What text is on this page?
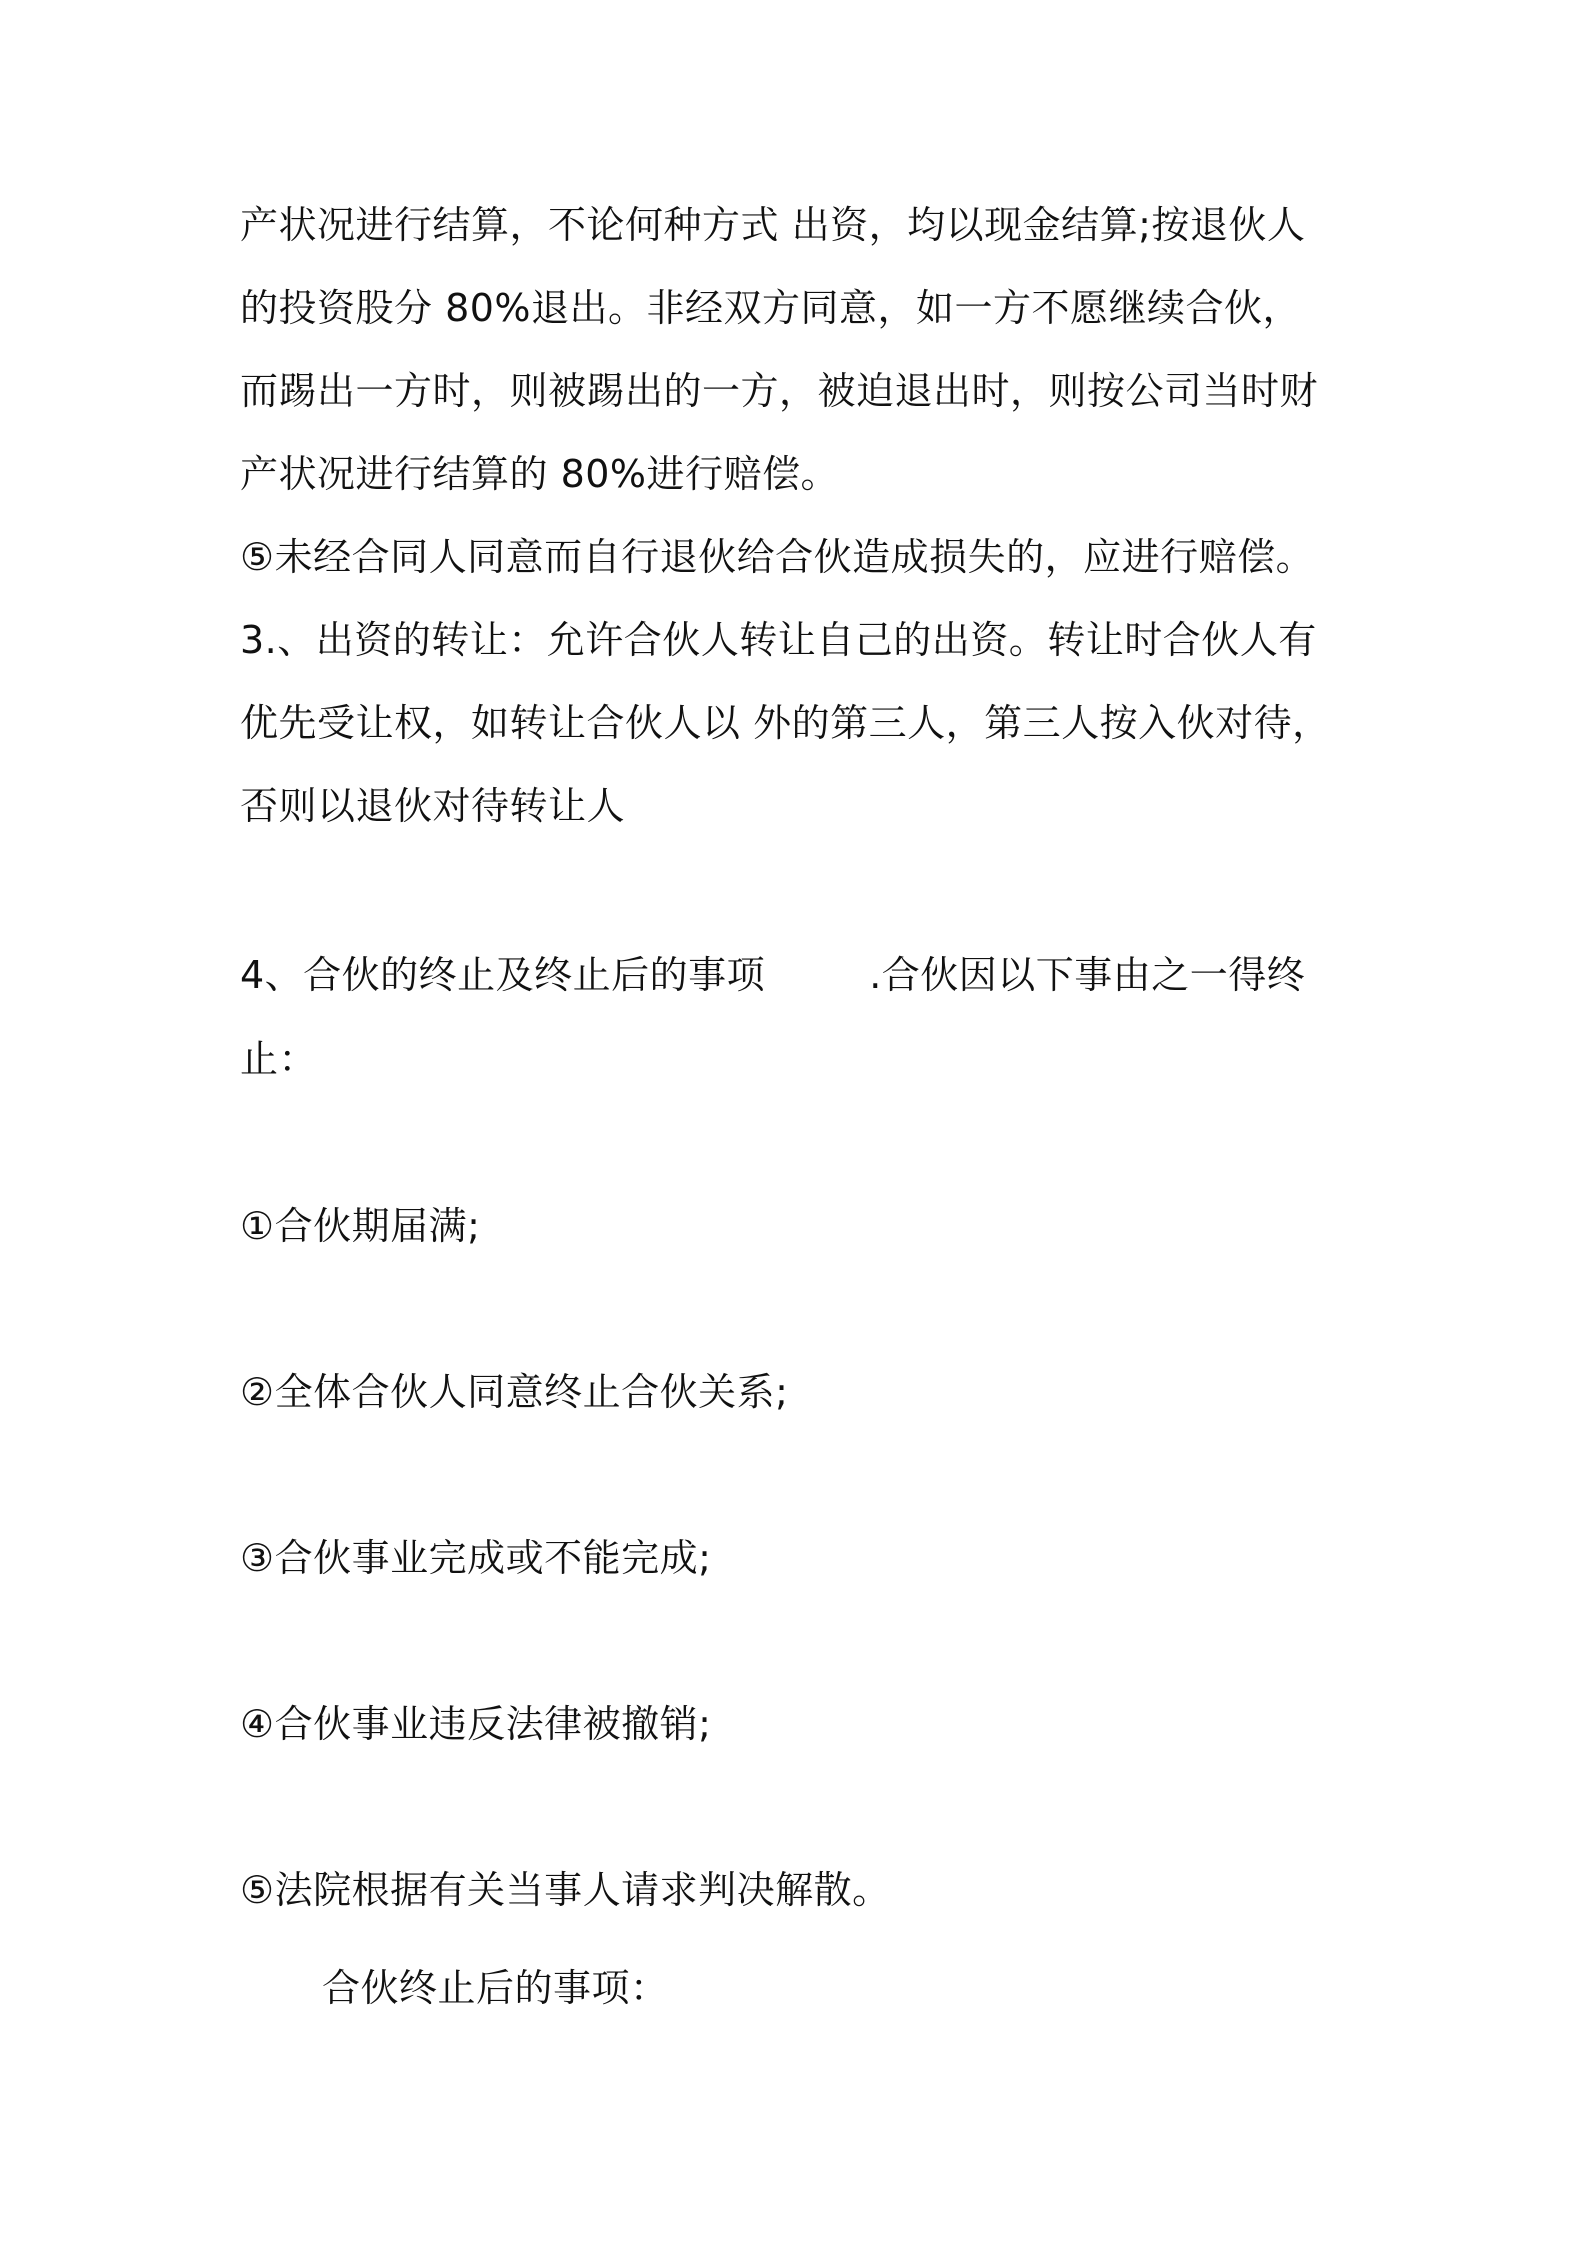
产状况进行结算，不论何种方式 出资，均以现金结算;按退伙人
的投资股分 80%退出。非经双方同意，如一方不愿继续合伙，
而踢出一方时，则被踢出的一方，被迫退出时，则按公司当时财
产状况进行结算的 80%进行赔偿。
⑤未经合同人同意而自行退伙给合伙造成损失的，应进行赔偿。
3.、出资的转让：允许合伙人转让自己的出资。转让时合伙人有
优先受让权，如转让合伙人以 外的第三人，第三人按入伙对待，
否则以退伙对待转让人
4、合伙的终止及终止后的事项	.合伙因以下事由之一得终
止：
①合伙期届满;
②全体合伙人同意终止合伙关系;
③合伙事业完成或不能完成;
④合伙事业违反法律被撤销;
⑤法院根据有关当事人请求判决解散。
合伙终止后的事项：
